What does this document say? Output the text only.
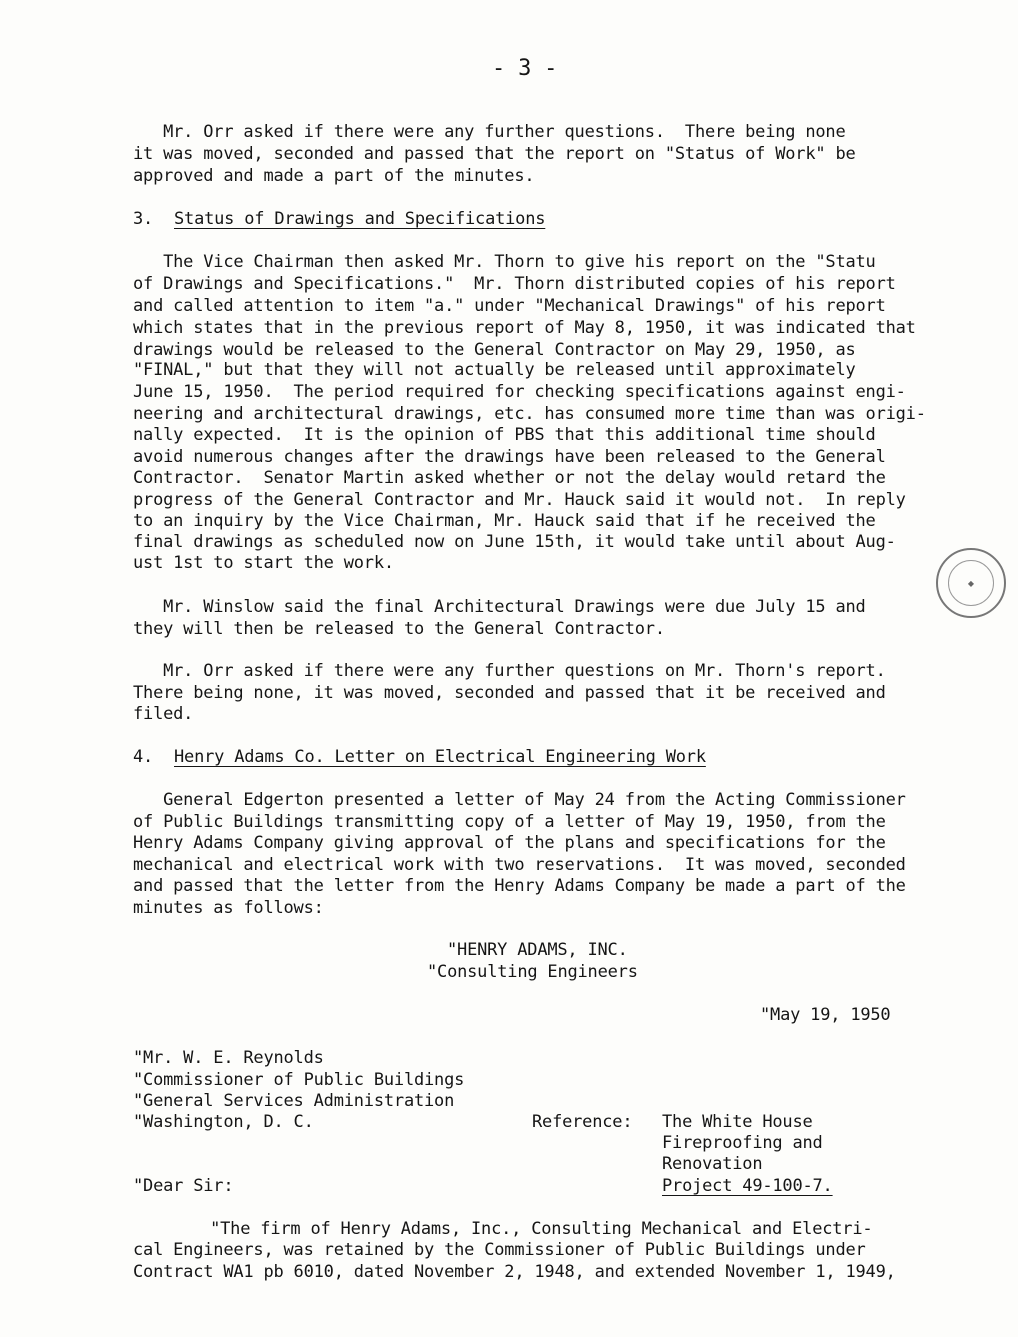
- 3 -
Mr. Orr asked if there were any further questions.  There being none
it was moved, seconded and passed that the report on "Status of Work" be
approved and made a part of the minutes.
3. Status of Drawings and Specifications
The Vice Chairman then asked Mr. Thorn to give his report on the "Statu
of Drawings and Specifications."  Mr. Thorn distributed copies of his report
and called attention to item "a." under "Mechanical Drawings" of his report
which states that in the previous report of May 8, 1950, it was indicated that
drawings would be released to the General Contractor on May 29, 1950, as
"FINAL," but that they will not actually be released until approximately
June 15, 1950.  The period required for checking specifications against engi-
neering and architectural drawings, etc. has consumed more time than was origi-
nally expected.  It is the opinion of PBS that this additional time should
avoid numerous changes after the drawings have been released to the General
Contractor.  Senator Martin asked whether or not the delay would retard the
progress of the General Contractor and Mr. Hauck said it would not.  In reply
to an inquiry by the Vice Chairman, Mr. Hauck said that if he received the
final drawings as scheduled now on June 15th, it would take until about Aug-
ust 1st to start the work.
Mr. Winslow said the final Architectural Drawings were due July 15 and
they will then be released to the General Contractor.
Mr. Orr asked if there were any further questions on Mr. Thorn's report.
There being none, it was moved, seconded and passed that it be received and
filed.
4. Henry Adams Co. Letter on Electrical Engineering Work
General Edgerton presented a letter of May 24 from the Acting Commissioner
of Public Buildings transmitting copy of a letter of May 19, 1950, from the
Henry Adams Company giving approval of the plans and specifications for the
mechanical and electrical work with two reservations.  It was moved, seconded
and passed that the letter from the Henry Adams Company be made a part of the
minutes as follows:
"HENRY ADAMS, INC.
"Consulting Engineers
"May 19, 1950
"Mr. W. E. Reynolds
"Commissioner of Public Buildings
"General Services Administration
"Washington, D. C.	Reference: The White House
Fireproofing and
Renovation
"Dear Sir:	Project 49-100-7.
"The firm of Henry Adams, Inc., Consulting Mechanical and Electri-
cal Engineers, was retained by the Commissioner of Public Buildings under
Contract WA1 pb 6010, dated November 2, 1948, and extended November 1, 1949,
◆
